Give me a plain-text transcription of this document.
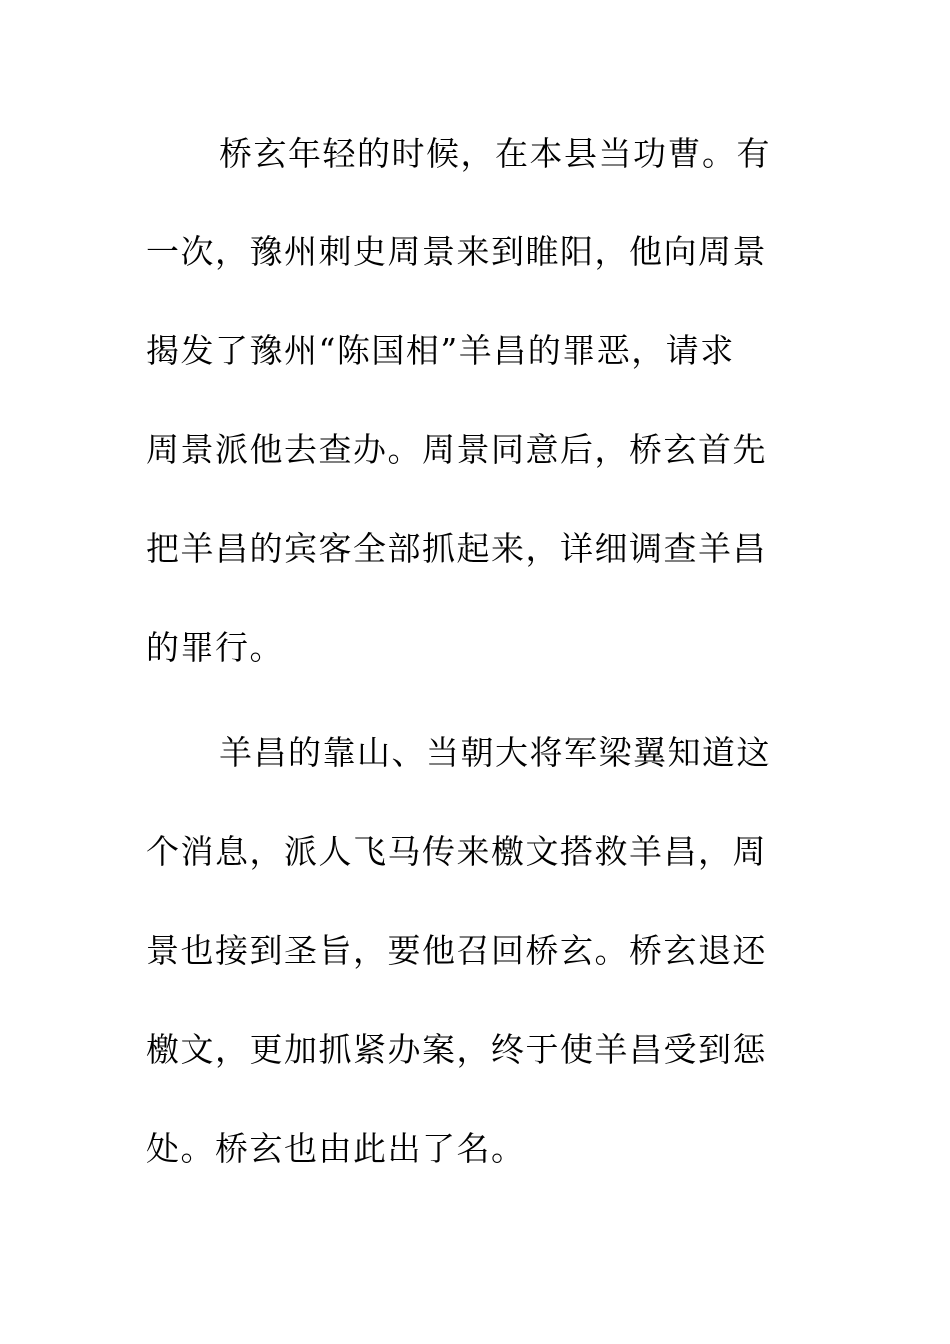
桥玄年轻的时候，在本县当功曹。有
一次，豫州刺史周景来到睢阳，他向周景
揭发了豫州“陈国相”羊昌的罪恶，请求
周景派他去查办。周景同意后，桥玄首先
把羊昌的宾客全部抓起来，详细调查羊昌
的罪行。
羊昌的靠山、当朝大将军梁翼知道这
个消息，派人飞马传来檄文搭救羊昌，周
景也接到圣旨，要他召回桥玄。桥玄退还
檄文，更加抓紧办案，终于使羊昌受到惩
处。桥玄也由此出了名。
